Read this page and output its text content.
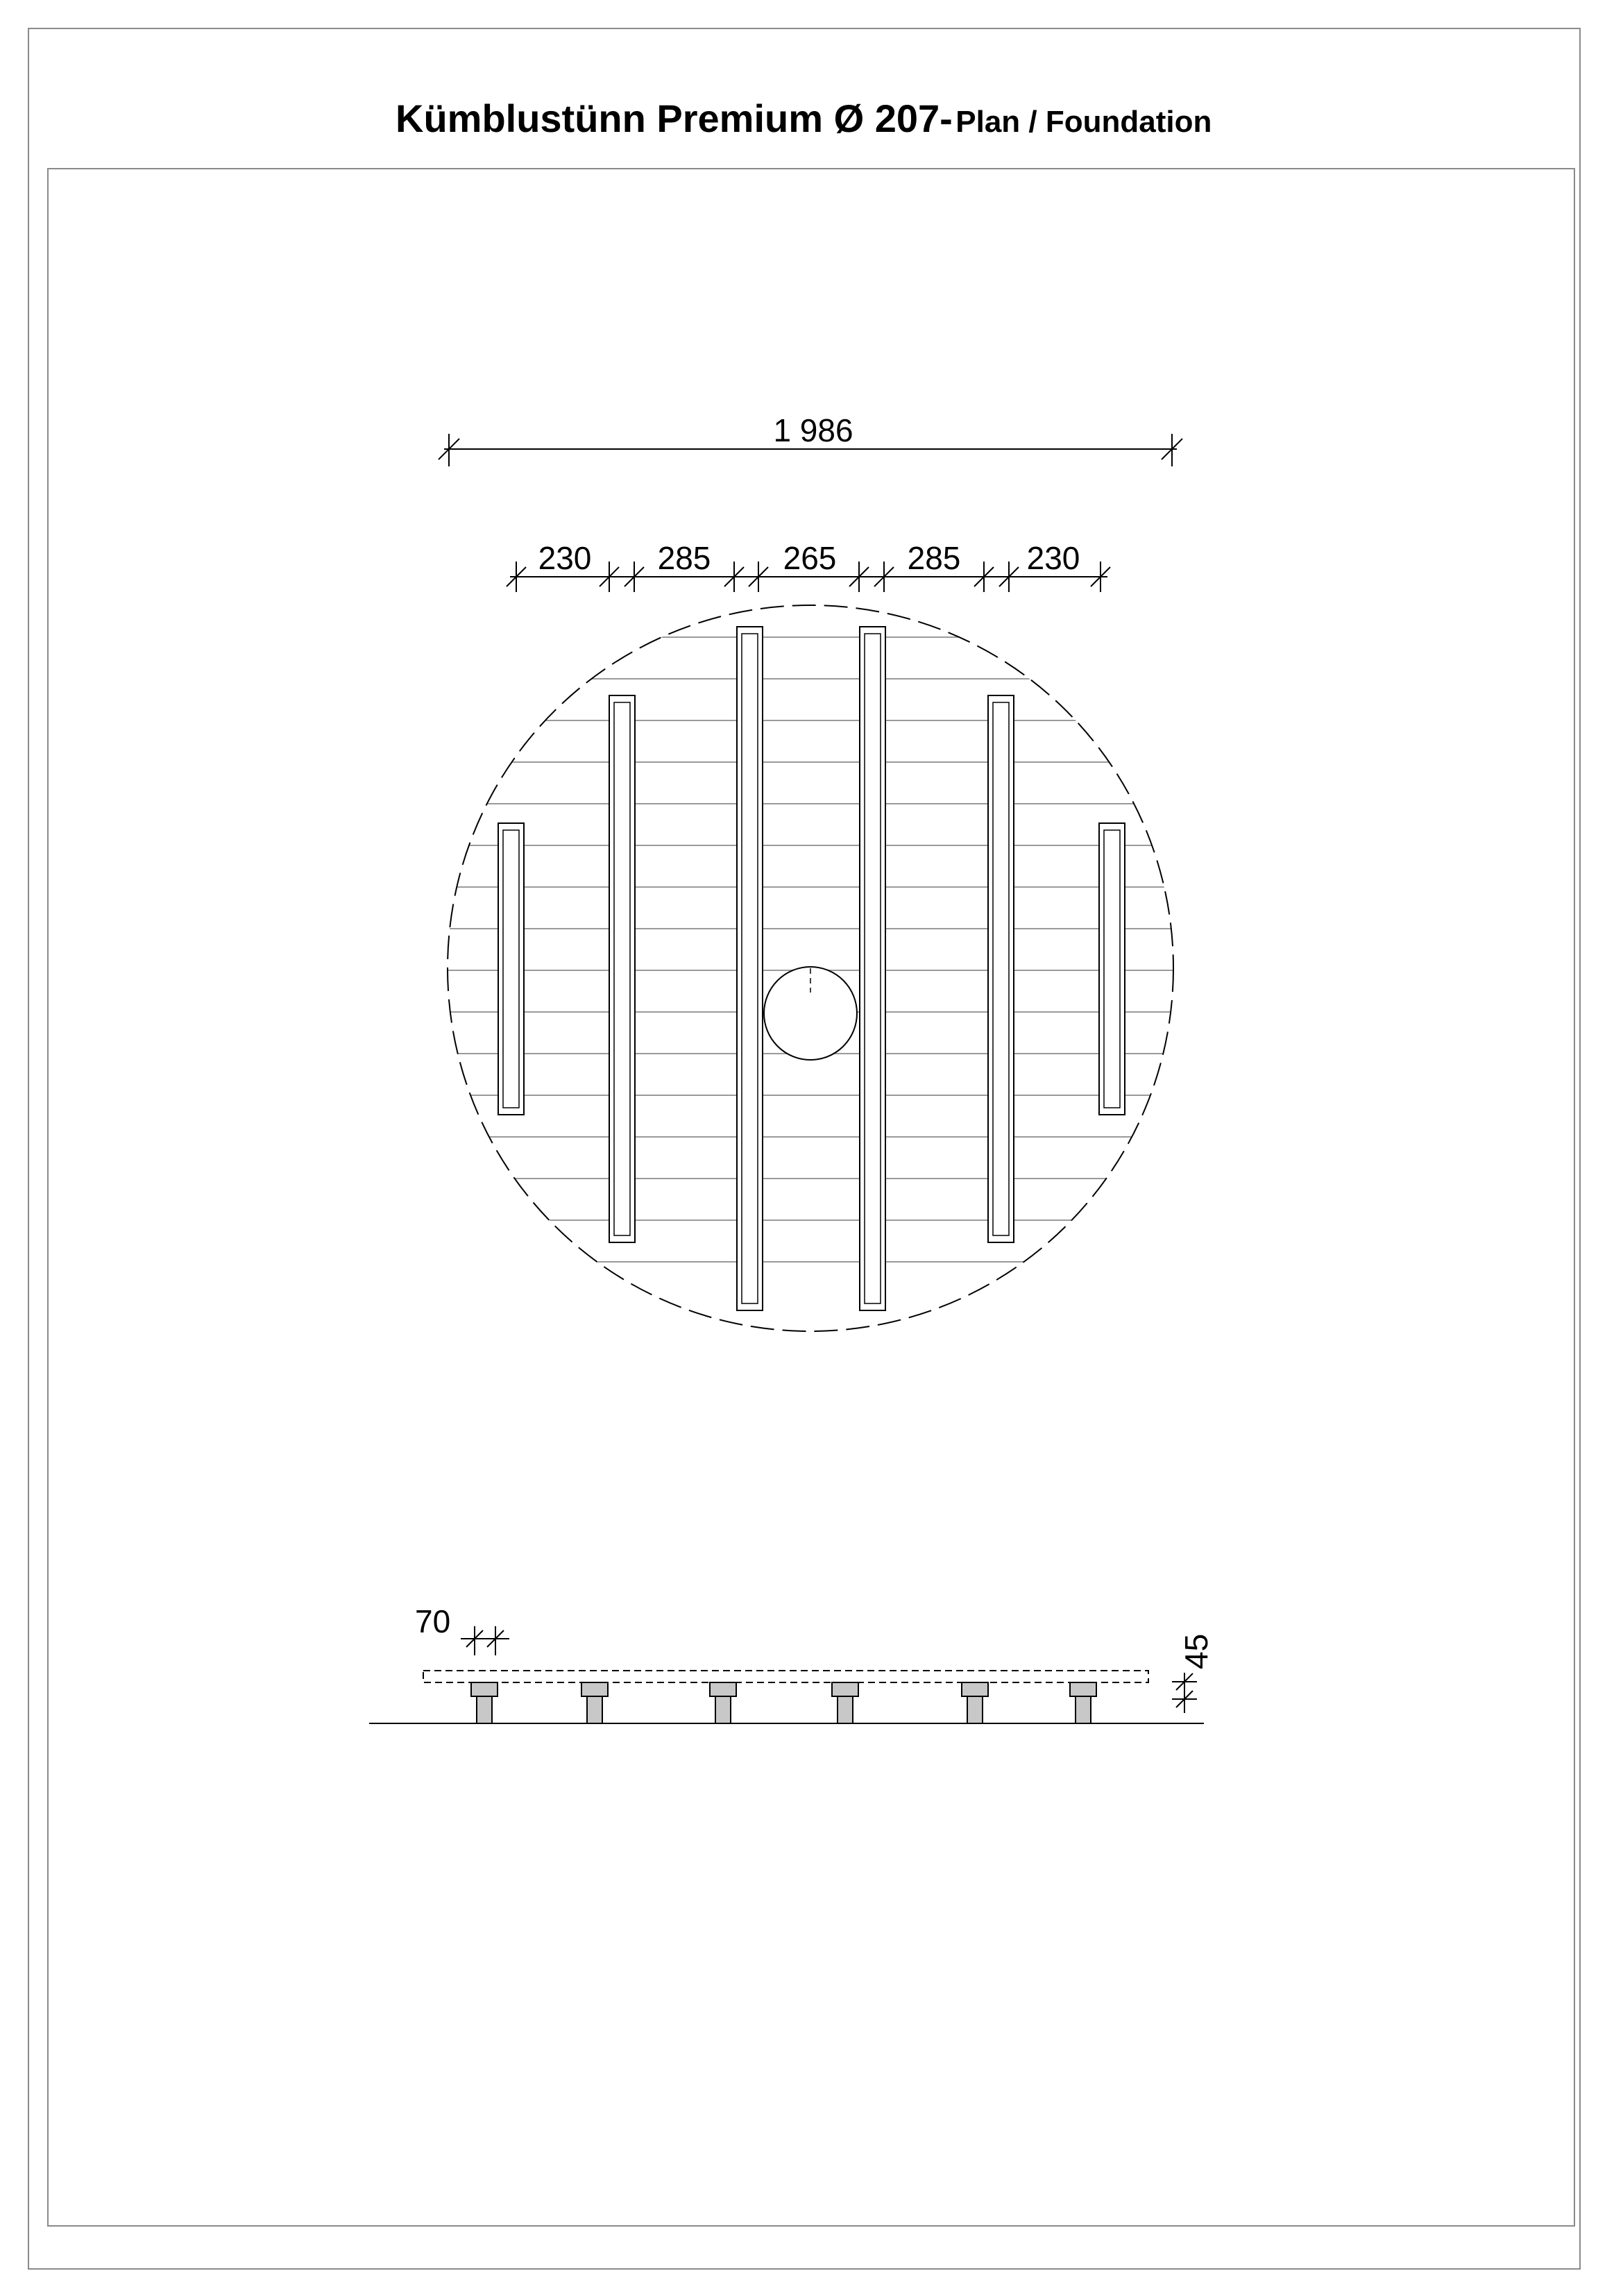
Kümblustünn Premium Ø 207- Plan / Foundation
1 986
230 285 265 285 230
70
45
